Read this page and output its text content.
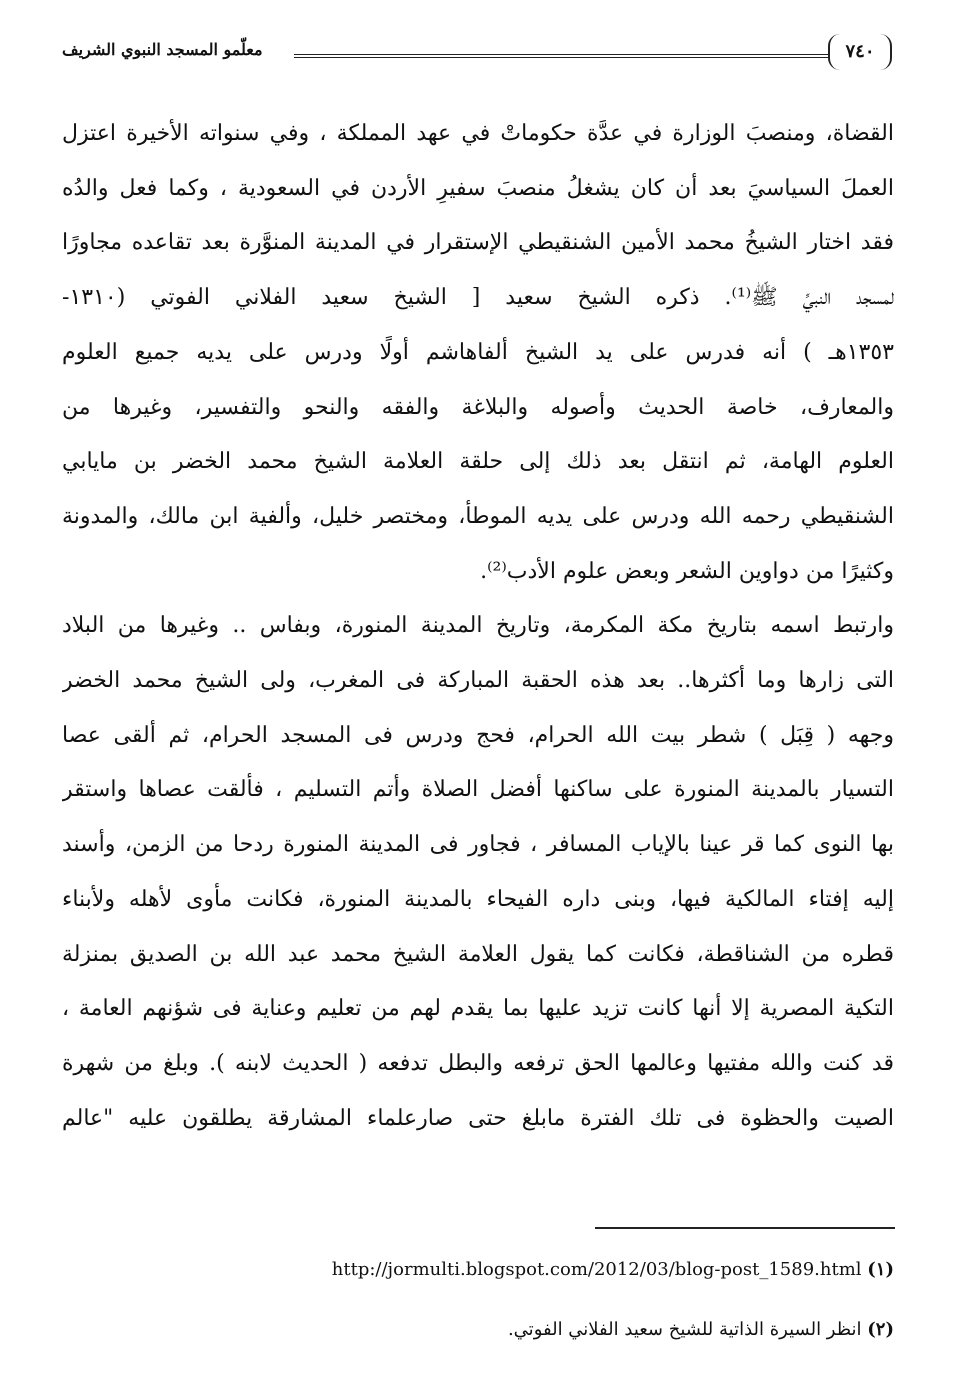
معلّمو المسجد النبوي الشريف	٧٤٠
القضاة، ومنصبَ الوزارة في عدَّة حكوماتْ في عهد المملكة ، وفي سنواته الأخيرة اعتزل
العملَ السياسيَ بعد أن كان يشغلُ منصبَ سفيرِ الأردن في السعودية ، وكما فعل والدُه
فقد اختار الشيخُ محمد الأمين الشنقيطي الإستقرار في المدينة المنوَّرة بعد تقاعده مجاورًا
لمسجد النبيِّ ﷺ⁽¹⁾. ذكره الشيخ سعيد [ الشيخ سعيد الفلاني الفوتي (١٣١٠-
١٣٥٣هـ ) أنه فدرس على يد الشيخ ألفاهاشم أولًا ودرس على يديه جميع العلوم
والمعارف، خاصة الحديث وأصوله والبلاغة والفقه والنحو والتفسير، وغيرها من
العلوم الهامة، ثم انتقل بعد ذلك إلى حلقة العلامة الشيخ محمد الخضر بن مايابي
الشنقيطي رحمه الله ودرس على يديه الموطأ، ومختصر خليل، وألفية ابن مالك، والمدونة
وكثيرًا من دواوين الشعر وبعض علوم الأدب⁽²⁾.
وارتبط اسمه بتاريخ مكة المكرمة، وتاريخ المدينة المنورة، وبفاس .. وغيرها من البلاد
التى زارها وما أكثرها.. بعد هذه الحقبة المباركة فى المغرب، ولى الشيخ محمد الخضر
وجهه ( قِبَل ) شطر بيت الله الحرام، فحج ودرس فى المسجد الحرام، ثم ألقى عصا
التسيار بالمدينة المنورة على ساكنها أفضل الصلاة وأتم التسليم ، فألقت عصاها واستقر
بها النوى كما قر عينا بالإياب المسافر ، فجاور فى المدينة المنورة ردحا من الزمن، وأسند
إليه إفتاء المالكية فيها، وبنى داره الفيحاء بالمدينة المنورة، فكانت مأوى لأهله ولأبناء
قطره من الشناقطة، فكانت كما يقول العلامة الشيخ محمد عبد الله بن الصديق بمنزلة
التكية المصرية إلا أنها كانت تزيد عليها بما يقدم لهم من تعليم وعناية فى شؤنهم العامة ،
قد كنت والله مفتيها وعالمها الحق ترفعه والبطل تدفعه ( الحديث لابنه ). وبلغ من شهرة
الصيت والحظوة فى تلك الفترة مابلغ حتى صارعلماء المشارقة يطلقون عليه "عالم
(١) http://jormulti.blogspot.com/2012/03/blog-post_1589.html
(٢) انظر السيرة الذاتية للشيخ سعيد الفلاني الفوتي.
